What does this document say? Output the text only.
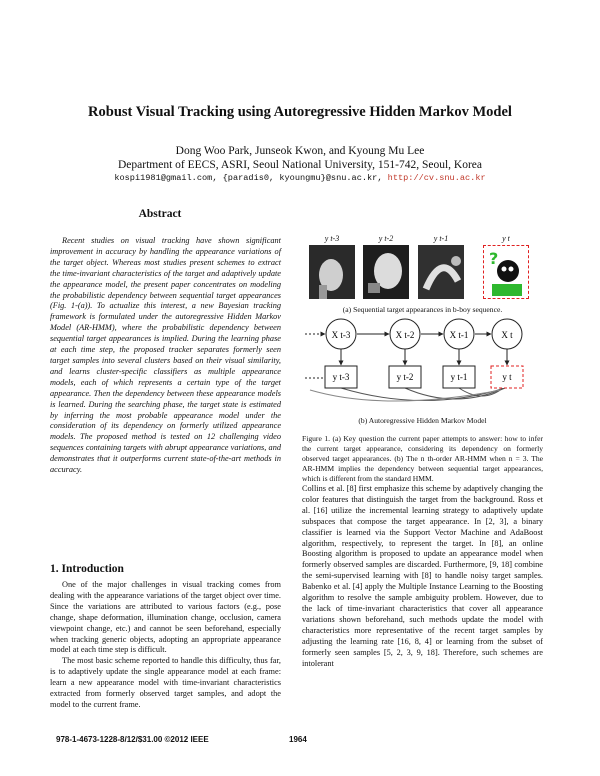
Robust Visual Tracking using Autoregressive Hidden Markov Model
Dong Woo Park, Junseok Kwon, and Kyoung Mu Lee
Department of EECS, ASRI, Seoul National University, 151-742, Seoul, Korea
kospi1981@gmail.com, {paradis0, kyoungmu}@snu.ac.kr, http://cv.snu.ac.kr
Abstract

Recent studies on visual tracking have shown significant improvement in accuracy by handling the appearance variations of the target object. Whereas most studies present schemes to extract the time-invariant characteristics of the target and adaptively update the appearance model, the present paper concentrates on modeling the probabilistic dependency between sequential target appearances (Fig. 1-(a)). To actualize this interest, a new Bayesian tracking framework is formulated under the autoregressive Hidden Markov Model (AR-HMM), where the probabilistic dependency between sequential target appearances is implied. During the learning phase at each time step, the proposed tracker separates formerly seen target samples into several clusters based on their visual similarity, and learns cluster-specific classifiers as multiple appearance models, each of which represents a certain type of the target appearance. Then the dependency between these appearance models is learned. During the searching phase, the target state is estimated by inferring the most probable appearance model under the consideration of its dependency on formerly utilized appearance models. The proposed method is tested on 12 challenging video sequences containing targets with abrupt appearance variations, and demonstrates that it outperforms current state-of-the-art methods in accuracy.

1. Introduction

One of the major challenges in visual tracking comes from dealing with the appearance variations of the target object over time. Since the variations are attributed to various factors (e.g., pose change, shape deformation, illumination change, occlusion, camera viewpoint change, etc.) and cannot be seen beforehand, especially when tracking generic objects, adopting an appropriate appearance model at each time step is difficult.

The most basic scheme reported to handle this difficulty, thus far, is to adaptively update the single appearance model at each frame: learn a new appearance model with time-invariant characteristics extracted from formerly observed target samples, and adopt the model to the current frame.

y t-3	y t-2	y t-1	y t
?
(a) Sequential target appearances in b-boy sequence.
X t-3	X t-2	X t-1	X t
y t-3	y t-2	y t-1	y t
(b) Autoregressive Hidden Markov Model

Figure 1. (a) Key question the current paper attempts to answer: how to infer the current target appearance, considering its dependency on formerly observed target appearances. (b) The n th-order AR-HMM when n = 3. The AR-HMM implies the dependency between sequential target appearances, which is different from the standard HMM.

Collins et al. [8] first emphasize this scheme by adaptively changing the color features that distinguish the target from the background. Ross et al. [16] utilize the incremental learning strategy to adaptively update subspaces that compose the target appearance. In [2, 3], a binary classifier is learned via the Support Vector Machine and AdaBoost algorithm, respectively, to represent the target. In [8], an online Boosting algorithm is proposed to update an appearance model when formerly observed samples are discarded. Furthermore, [9, 18] combine the semi-supervised learning with [8] to handle noisy target samples. Babenko et al. [4] apply the Multiple Instance Learning to the Boosting algorithm to resolve the sample ambiguity problem. However, due to the lack of time-invariant characteristics that cover all appearance variations shown beforehand, such methods update the model with characteristics more representative of the recent target samples by adjusting the learning rate [16, 8, 4] or learning from the subset of formerly seen samples [5, 2, 3, 9, 18]. Therefore, such schemes are intolerant

978-1-4673-1228-8/12/$31.00 ©2012 IEEE	1964
